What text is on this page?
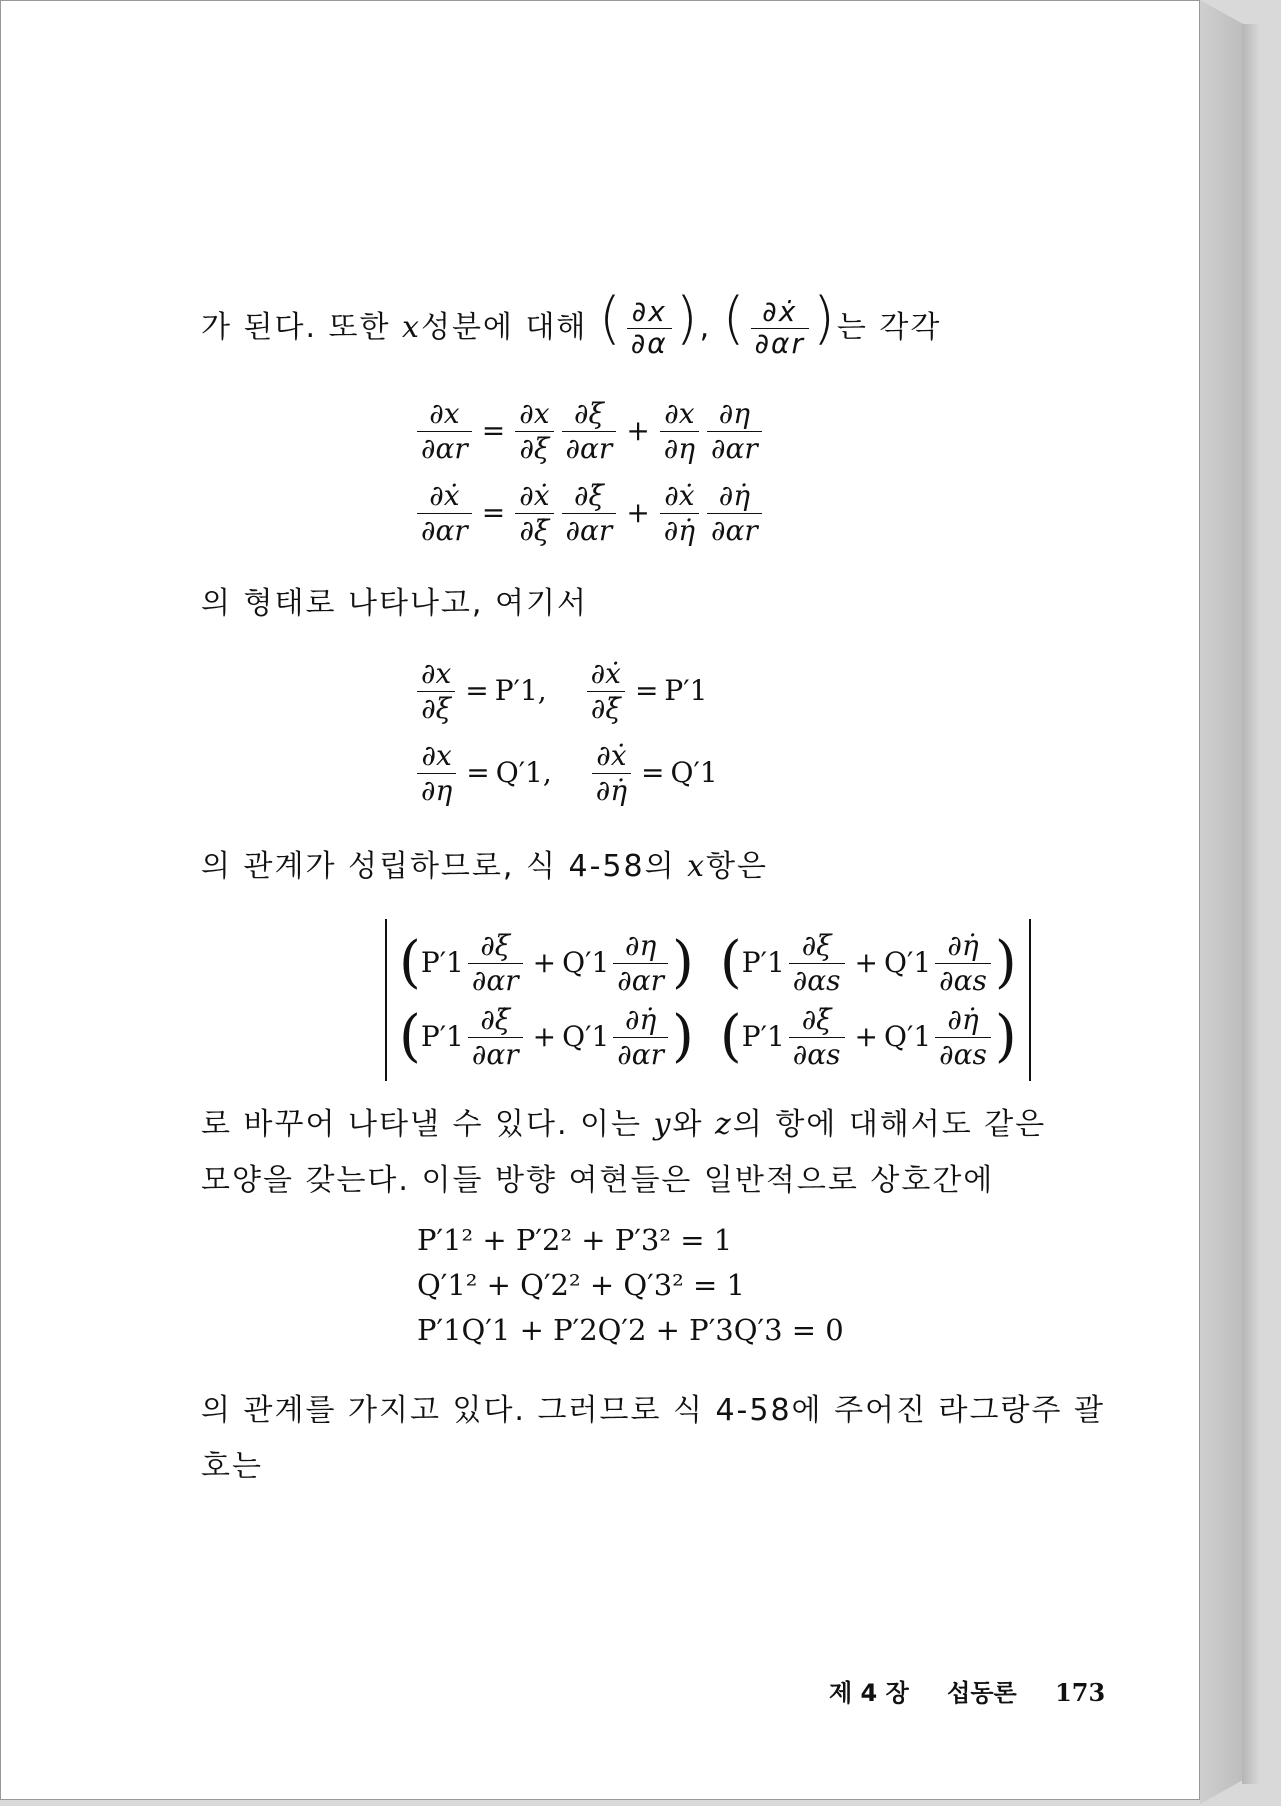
가 된다. 또한 x성분에 대해 ( $\frac{\partial x}{\partial\alpha}$ ), ( $\frac{\text{∂ẋ}}{\partial\alpha r}$ )는 각각
$\frac{\partial x}{\partial\alpha r} = \frac{\partial x}{\partial\xi} \frac{\partial\xi}{\partial\alpha r} + \frac{\partial x}{\partial\eta} \frac{\partial\eta}{\partial\alpha r}$
$\frac{\text{∂ẋ}}{\partial\alpha r} = \frac{\text{∂ẋ}}{\partial\xi̇} \frac{\partial\xi̇}{\partial\alpha r} + \frac{\text{∂ẋ}}{\partial\etȧ} \frac{\partial\etȧ}{\partial\alpha r}$
의 형태로 나타나고, 여기서
$\frac{\partial x}{\partial\xi} = P'1$ , $\frac{\text{∂ẋ}}{\partial\xi̇} = P'1$
$\frac{\partial x}{\partial\eta} = Q'1$ , $\frac{\text{∂ẋ}}{\partial\etȧ} = Q'1$
의 관계가 성립하므로, 식 4-58의 x항은
( $P'1 \frac{\partial\xi}{\partial\alpha r} + Q'1 \frac{\partial\eta}{\partial\alpha r}$ ) ( $P'1 \frac{\partial\xi}{\partial\alpha s} + Q'1 \frac{\partial\etȧ}{\partial\alpha s}$ )
( $P'1 \frac{\partial\xi̇}{\partial\alpha r} + Q'1 \frac{\partial\etȧ}{\partial\alpha r}$ ) ( $P'1 \frac{\partial\xi̇}{\partial\alpha s} + Q'1 \frac{\partial\etȧ}{\partial\alpha s}$ )
로 바꾸어 나타낼 수 있다. 이는 y와 z의 항에 대해서도 같은
모양을 갖는다. 이들 방향 여현들은 일반적으로 상호간에
P′1² + P′2² + P′3² = 1
Q′1² + Q′2² + Q′3² = 1
P′1Q′1 + P′2Q′2 + P′3Q′3 = 0
의 관계를 가지고 있다. 그러므로 식 4-58에 주어진 라그랑주 괄
호는
제 4 장 섭동론 173
